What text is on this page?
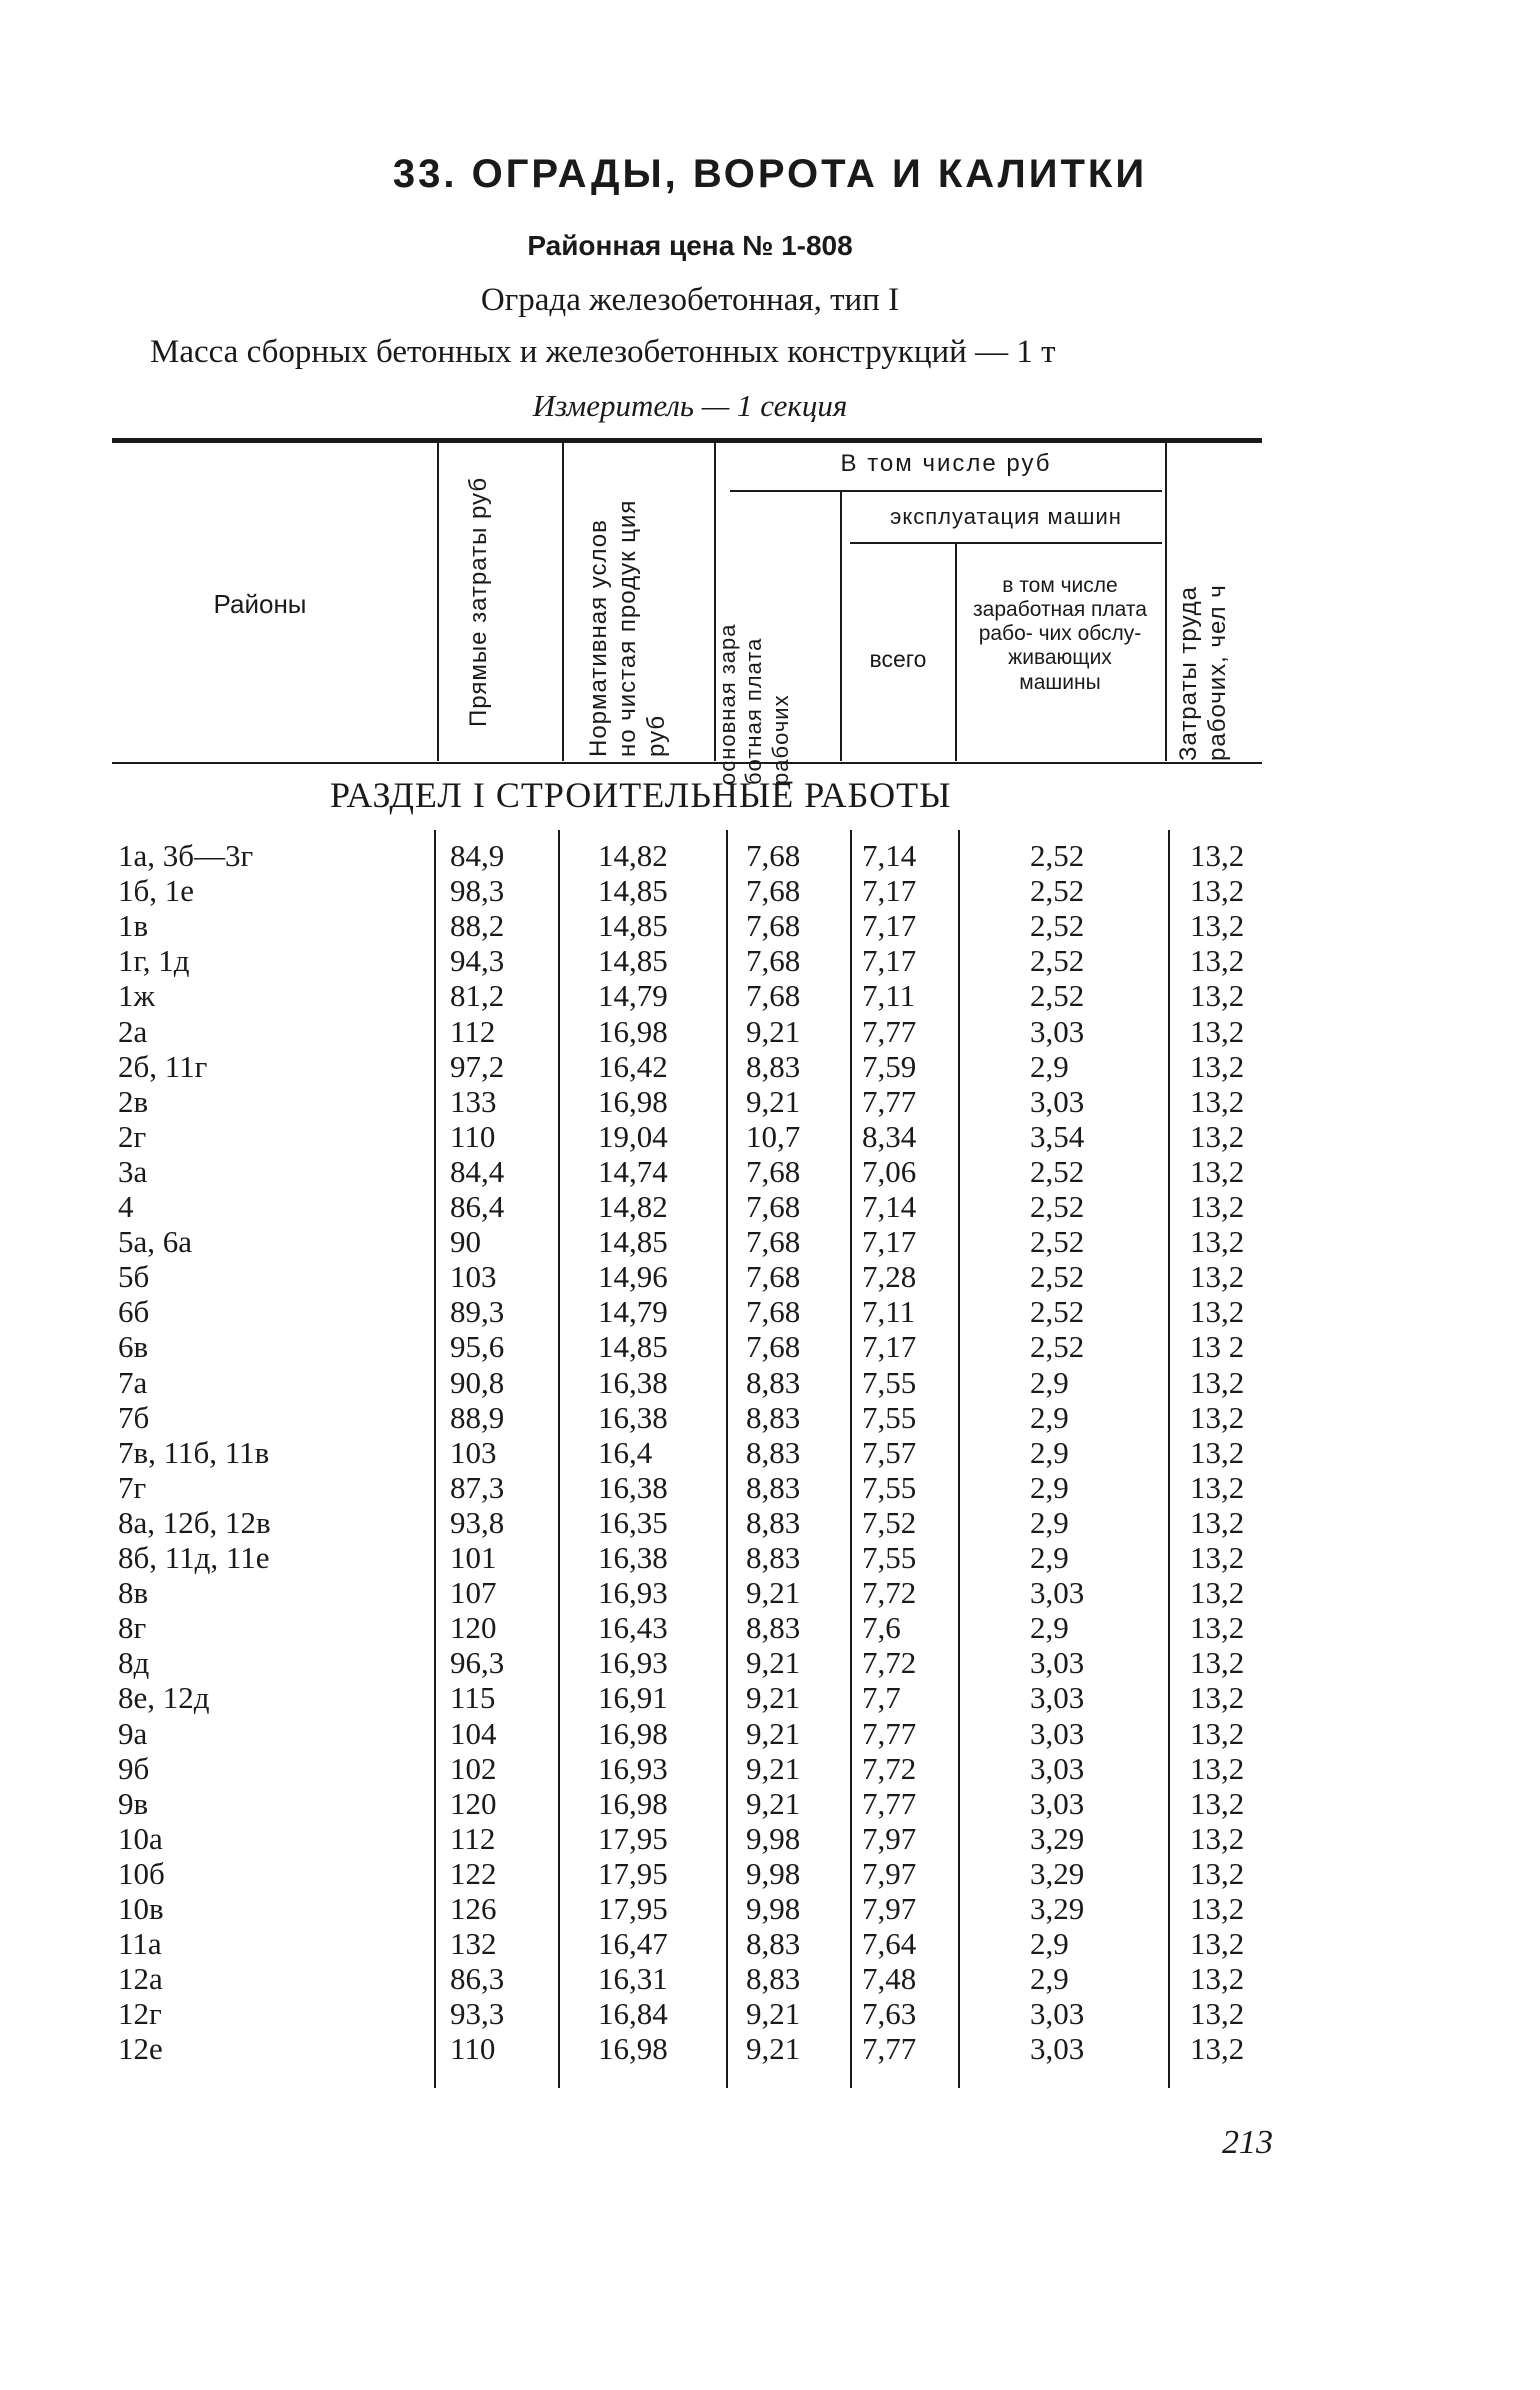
33. ОГРАДЫ, ВОРОТА И КАЛИТКИ
Районная цена № 1-808
Ограда железобетонная, тип I
Масса сборных бетонных и железобетонных конструкций — 1 т
Измеритель — 1 секция
Районы	Прямые затраты руб	Нормативная услов но чистая продук ция руб
В том числе руб
основная зара ботная плата рабочих
эксплуатация машин
всего
в том числе заработная плата рабо- чих обслу- живающих машины	Затраты труда рабочих, чел ч
РАЗДЕЛ I СТРОИТЕЛЬНЫЕ РАБОТЫ
1а, 3б—3г	84,9	14,82	7,68 7,14	2,52	13,2
1б, 1е	98,3	14,85	7,68 7,17	2,52	13,2
1в	88,2	14,85	7,68 7,17	2,52	13,2
1г, 1д	94,3	14,85	7,68 7,17	2,52	13,2
1ж	81,2	14,79	7,68 7,11	2,52	13,2
2а	112	16,98	9,21 7,77	3,03	13,2
2б, 11г	97,2	16,42	8,83 7,59	2,9	13,2
2в	133	16,98	9,21 7,77	3,03	13,2
2г	110	19,04	10,7 8,34	3,54	13,2
3а	84,4	14,74	7,68 7,06	2,52	13,2
4	86,4	14,82	7,68 7,14	2,52	13,2
5а, 6а	90	14,85	7,68 7,17	2,52	13,2
5б	103	14,96	7,68 7,28	2,52	13,2
6б	89,3	14,79	7,68 7,11	2,52	13,2
6в	95,6	14,85	7,68 7,17	2,52	13 2
7а	90,8	16,38	8,83 7,55	2,9	13,2
7б	88,9	16,38	8,83 7,55	2,9	13,2
7в, 11б, 11в	103	16,4	8,83 7,57	2,9	13,2
7г	87,3	16,38	8,83 7,55	2,9	13,2
8а, 12б, 12в	93,8	16,35	8,83 7,52	2,9	13,2
8б, 11д, 11е	101	16,38	8,83 7,55	2,9	13,2
8в	107	16,93	9,21 7,72	3,03	13,2
8г	120	16,43	8,83 7,6	2,9	13,2
8д	96,3	16,93	9,21 7,72	3,03	13,2
8е, 12д	115	16,91	9,21 7,7	3,03	13,2
9а	104	16,98	9,21 7,77	3,03	13,2
9б	102	16,93	9,21 7,72	3,03	13,2
9в	120	16,98	9,21 7,77	3,03	13,2
10а	112	17,95	9,98 7,97	3,29	13,2
10б	122	17,95	9,98 7,97	3,29	13,2
10в	126	17,95	9,98 7,97	3,29	13,2
11а	132	16,47	8,83 7,64	2,9	13,2
12а	86,3	16,31	8,83 7,48	2,9	13,2
12г	93,3	16,84	9,21 7,63	3,03	13,2
12е	110	16,98	9,21 7,77	3,03	13,2
213
